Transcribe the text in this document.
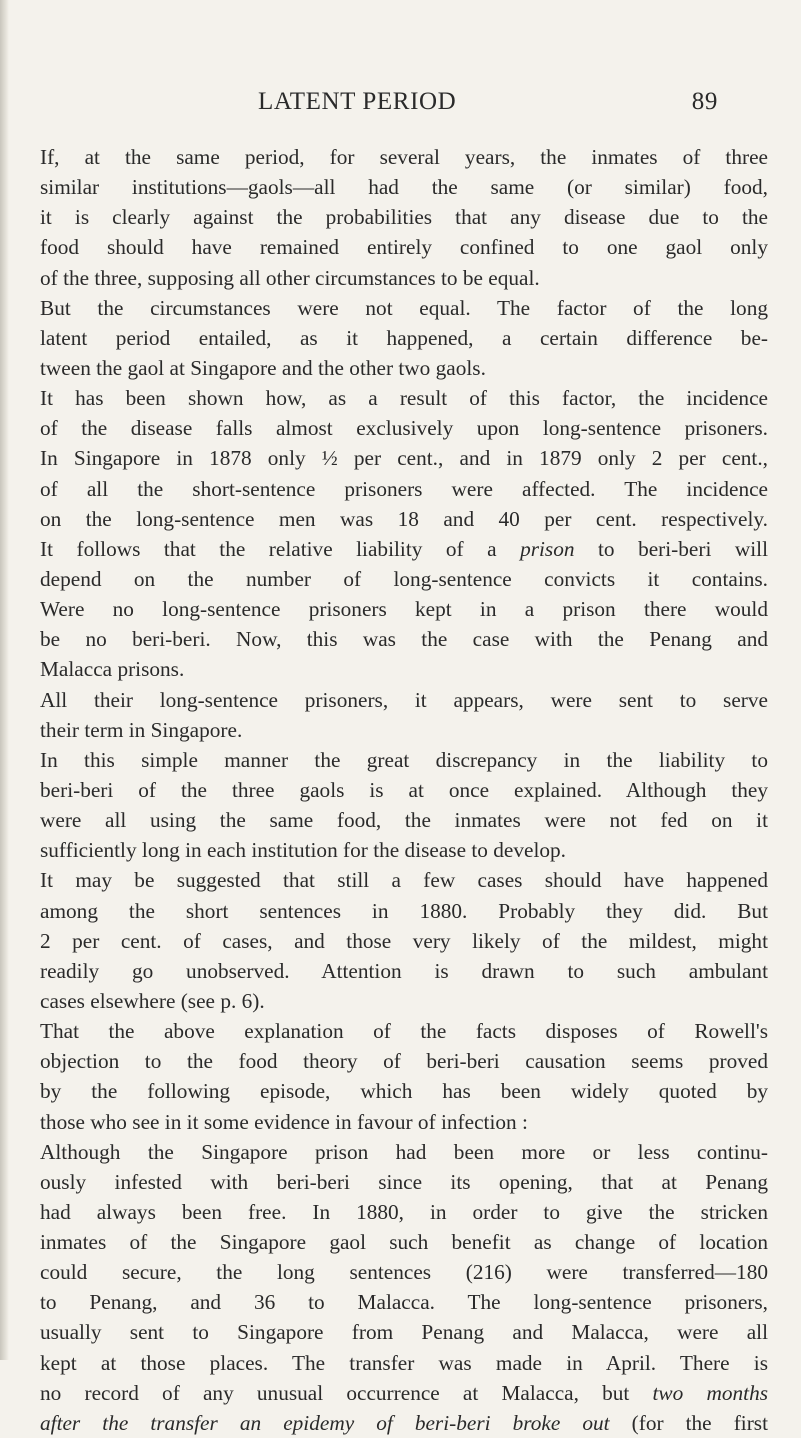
LATENT PERIOD	89
If, at the same period, for several years, the inmates of three
similar institutions—gaols—all had the same (or similar) food,
it is clearly against the probabilities that any disease due to the
food should have remained entirely confined to one gaol only
of the three, supposing all other circumstances to be equal.
But the circumstances were not equal. The factor of the long
latent period entailed, as it happened, a certain difference be-
tween the gaol at Singapore and the other two gaols.
It has been shown how, as a result of this factor, the incidence
of the disease falls almost exclusively upon long-sentence prisoners.
In Singapore in 1878 only ½ per cent., and in 1879 only 2 per cent.,
of all the short-sentence prisoners were affected. The incidence
on the long-sentence men was 18 and 40 per cent. respectively.
It follows that the relative liability of a prison to beri-beri will
depend on the number of long-sentence convicts it contains.
Were no long-sentence prisoners kept in a prison there would
be no beri-beri. Now, this was the case with the Penang and
Malacca prisons.
All their long-sentence prisoners, it appears, were sent to serve
their term in Singapore.
In this simple manner the great discrepancy in the liability to
beri-beri of the three gaols is at once explained. Although they
were all using the same food, the inmates were not fed on it
sufficiently long in each institution for the disease to develop.
It may be suggested that still a few cases should have happened
among the short sentences in 1880. Probably they did. But
2 per cent. of cases, and those very likely of the mildest, might
readily go unobserved. Attention is drawn to such ambulant
cases elsewhere (see p. 6).
That the above explanation of the facts disposes of Rowell's
objection to the food theory of beri-beri causation seems proved
by the following episode, which has been widely quoted by
those who see in it some evidence in favour of infection :
Although the Singapore prison had been more or less continu-
ously infested with beri-beri since its opening, that at Penang
had always been free. In 1880, in order to give the stricken
inmates of the Singapore gaol such benefit as change of location
could secure, the long sentences (216) were transferred—180
to Penang, and 36 to Malacca. The long-sentence prisoners,
usually sent to Singapore from Penang and Malacca, were all
kept at those places. The transfer was made in April. There is
no record of any unusual occurrence at Malacca, but two months
after the transfer an epidemy of beri-beri broke out (for the first
